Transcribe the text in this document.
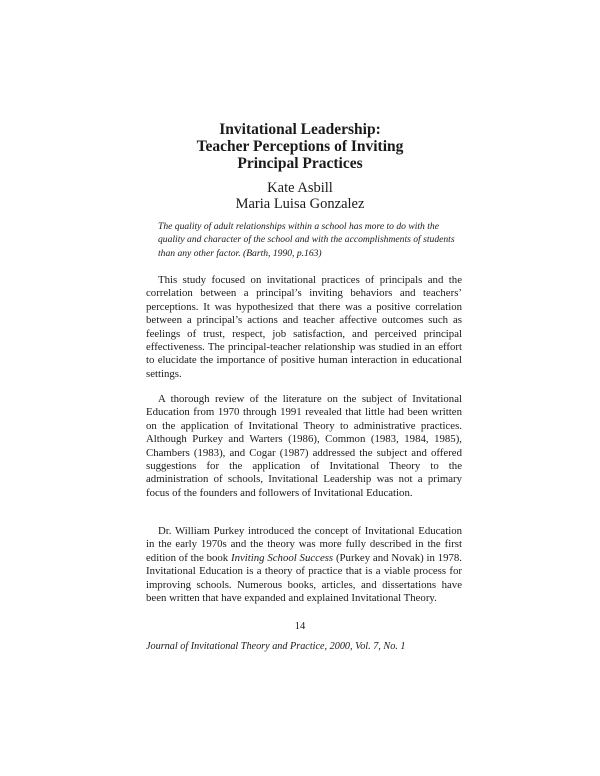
Invitational Leadership:
Teacher Perceptions of Inviting
Principal Practices
Kate Asbill
Maria Luisa Gonzalez

The quality of adult relationships within a school has more to do with the quality and character of the school and with the accomplishments of students than any other factor. (Barth, 1990, p.163)

This study focused on invitational practices of principals and the correlation between a principal’s inviting behaviors and teachers’ perceptions. It was hypothesized that there was a positive correlation between a principal’s actions and teacher affective outcomes such as feelings of trust, respect, job satisfaction, and perceived principal effectiveness. The principal-teacher relationship was studied in an effort to elucidate the importance of positive human interaction in educational settings.

A thorough review of the literature on the subject of Invitational Education from 1970 through 1991 revealed that little had been written on the application of Invitational Theory to administrative practices. Although Purkey and Warters (1986), Common (1983, 1984, 1985), Chambers (1983), and Cogar (1987) addressed the subject and offered suggestions for the application of Invitational Theory to the administration of schools, Invitational Leadership was not a primary focus of the founders and followers of Invitational Education.

Dr. William Purkey introduced the concept of Invitational Education in the early 1970s and the theory was more fully described in the first edition of the book Inviting School Success (Purkey and Novak) in 1978. Invitational Education is a theory of practice that is a viable process for improving schools. Numerous books, articles, and dissertations have been written that have expanded and explained Invitational Theory.

14
Journal of Invitational Theory and Practice, 2000, Vol. 7, No. 1
